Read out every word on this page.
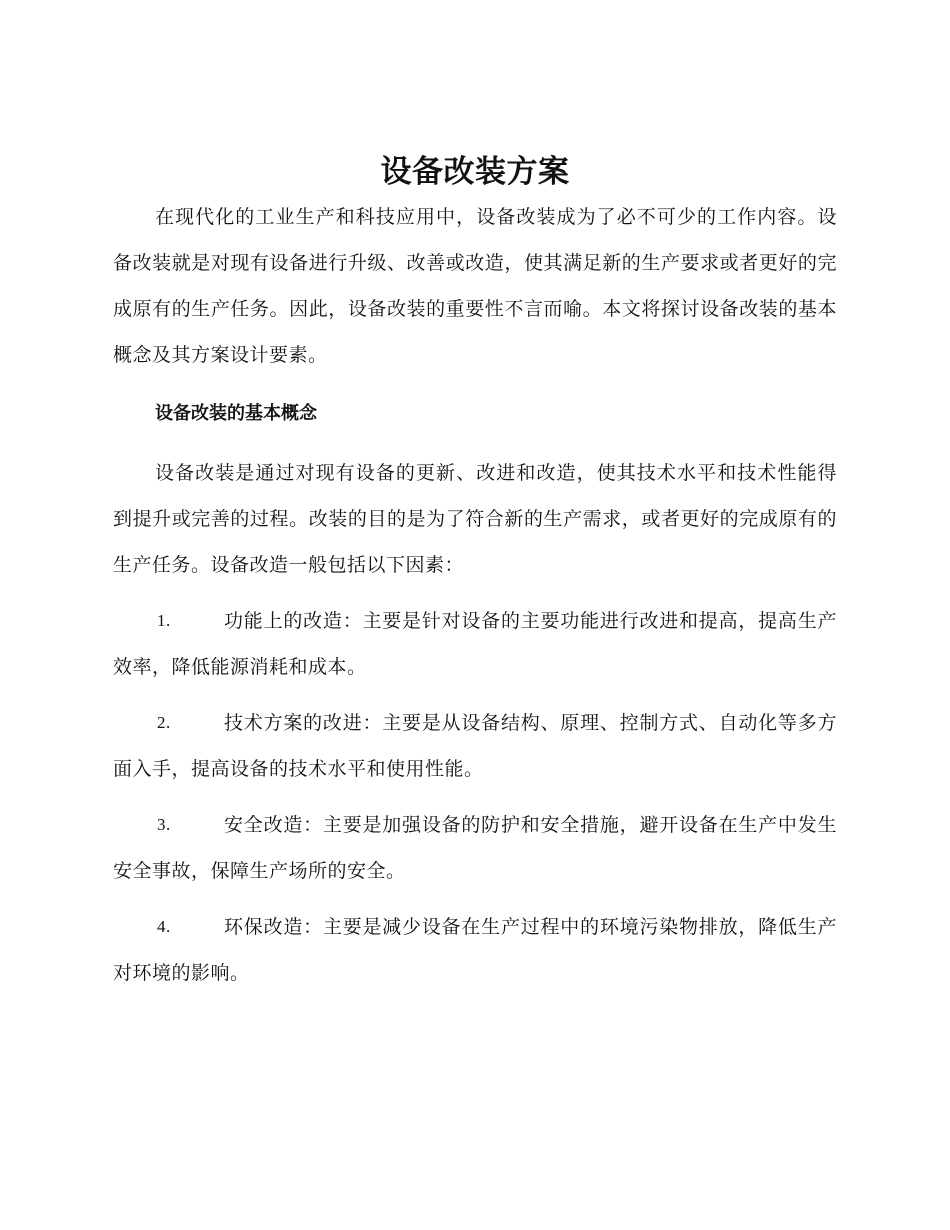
设备改装方案

在现代化的工业生产和科技应用中，设备改装成为了必不可少的工作内容。设备改装就是对现有设备进行升级、改善或改造，使其满足新的生产要求或者更好的完成原有的生产任务。因此，设备改装的重要性不言而喻。本文将探讨设备改装的基本概念及其方案设计要素。

设备改装的基本概念

设备改装是通过对现有设备的更新、改进和改造，使其技术水平和技术性能得到提升或完善的过程。改装的目的是为了符合新的生产需求，或者更好的完成原有的生产任务。设备改造一般包括以下因素：

1.	功能上的改造：主要是针对设备的主要功能进行改进和提高，提高生产效率，降低能源消耗和成本。

2.	技术方案的改进：主要是从设备结构、原理、控制方式、自动化等多方面入手，提高设备的技术水平和使用性能。

3.	安全改造：主要是加强设备的防护和安全措施，避开设备在生产中发生安全事故，保障生产场所的安全。

4.	环保改造：主要是减少设备在生产过程中的环境污染物排放，降低生产对环境的影响。
